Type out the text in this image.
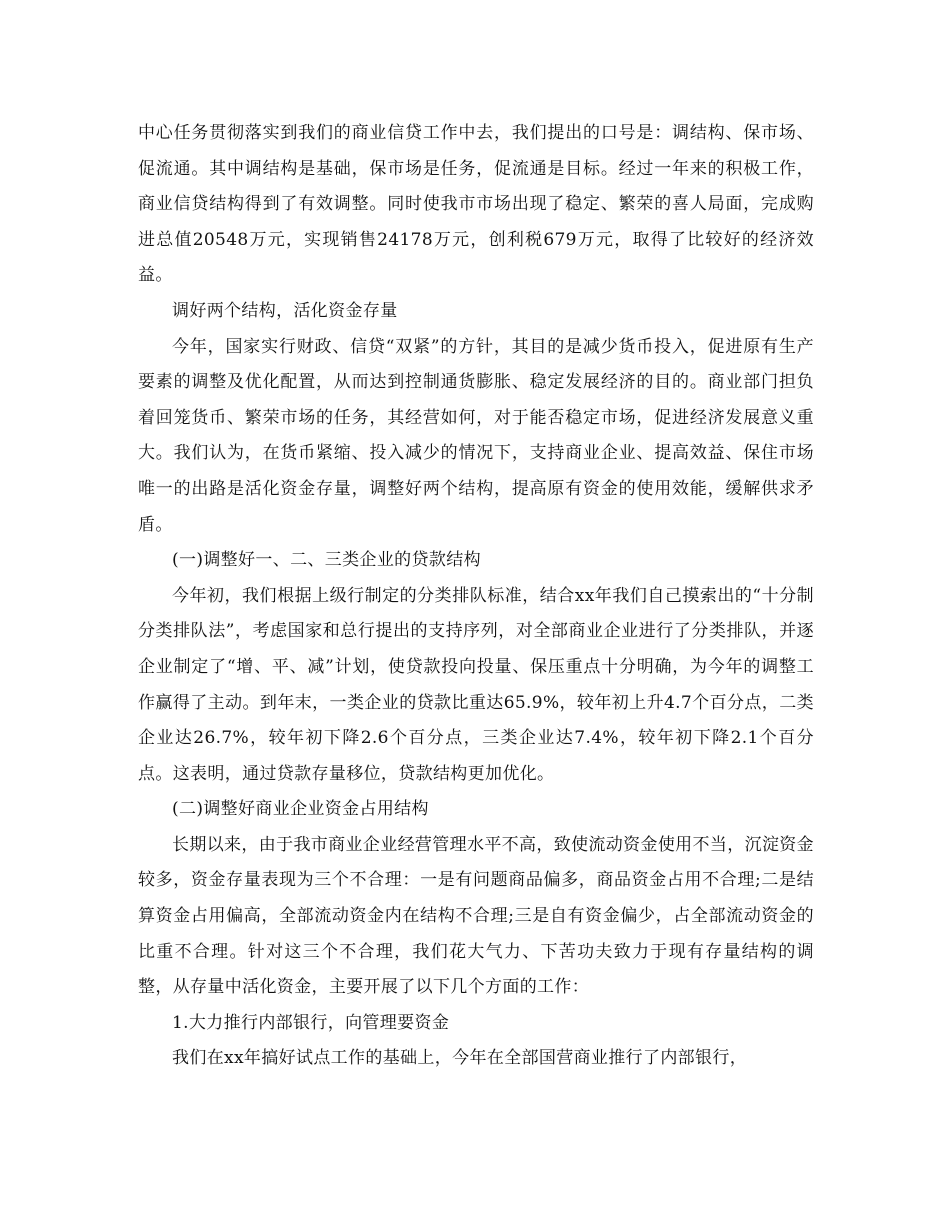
中心任务贯彻落实到我们的商业信贷工作中去，我们提出的口号是：调结构、保市场、促流通。其中调结构是基础，保市场是任务，促流通是目标。经过一年来的积极工作，商业信贷结构得到了有效调整。同时使我市市场出现了稳定、繁荣的喜人局面，完成购进总值20548万元，实现销售24178万元，创利税679万元，取得了比较好的经济效益。

调好两个结构，活化资金存量

今年，国家实行财政、信贷“双紧”的方针，其目的是减少货币投入，促进原有生产要素的调整及优化配置，从而达到控制通货膨胀、稳定发展经济的目的。商业部门担负着回笼货币、繁荣市场的任务，其经营如何，对于能否稳定市场，促进经济发展意义重大。我们认为，在货币紧缩、投入减少的情况下，支持商业企业、提高效益、保住市场唯一的出路是活化资金存量，调整好两个结构，提高原有资金的使用效能，缓解供求矛盾。

(一)调整好一、二、三类企业的贷款结构

今年初，我们根据上级行制定的分类排队标准，结合xx年我们自己摸索出的“十分制分类排队法”，考虑国家和总行提出的支持序列，对全部商业企业进行了分类排队，并逐企业制定了“增、平、减”计划，使贷款投向投量、保压重点十分明确，为今年的调整工作赢得了主动。到年末，一类企业的贷款比重达65.9%，较年初上升4.7个百分点，二类企业达26.7%，较年初下降2.6个百分点，三类企业达7.4%，较年初下降2.1个百分点。这表明，通过贷款存量移位，贷款结构更加优化。

(二)调整好商业企业资金占用结构

长期以来，由于我市商业企业经营管理水平不高，致使流动资金使用不当，沉淀资金较多，资金存量表现为三个不合理：一是有问题商品偏多，商品资金占用不合理;二是结算资金占用偏高，全部流动资金内在结构不合理;三是自有资金偏少，占全部流动资金的比重不合理。针对这三个不合理，我们花大气力、下苦功夫致力于现有存量结构的调整，从存量中活化资金，主要开展了以下几个方面的工作：

1.大力推行内部银行，向管理要资金

我们在xx年搞好试点工作的基础上，今年在全部国营商业推行了内部银行，
